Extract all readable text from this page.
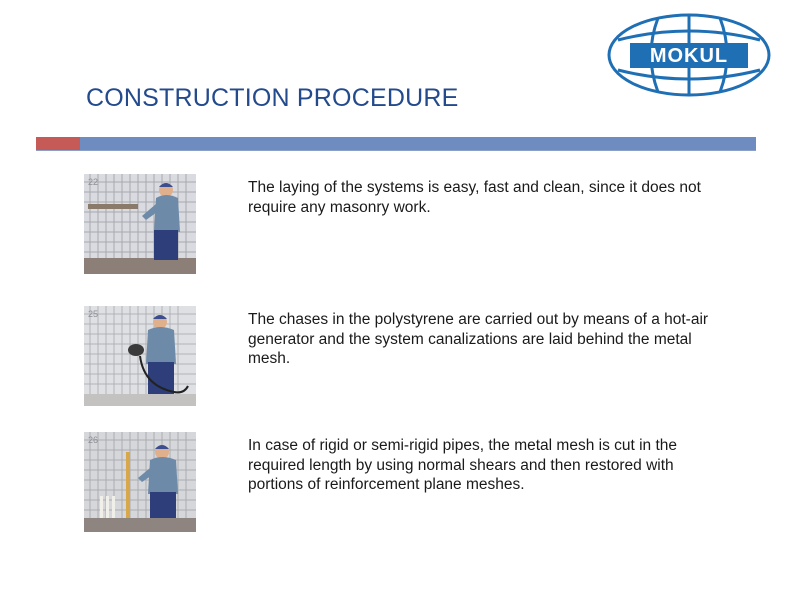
MOKUL
CONSTRUCTION PROCEDURE
22	The laying of the systems is easy, fast and clean, since it does not require any masonry work.
25	The chases in the polystyrene are carried out by means of a hot-air generator and the system canalizations are laid behind the metal mesh.
26	In case of rigid or semi-rigid pipes, the metal mesh is cut in the required length by using normal shears and then restored with portions of reinforcement plane meshes.
